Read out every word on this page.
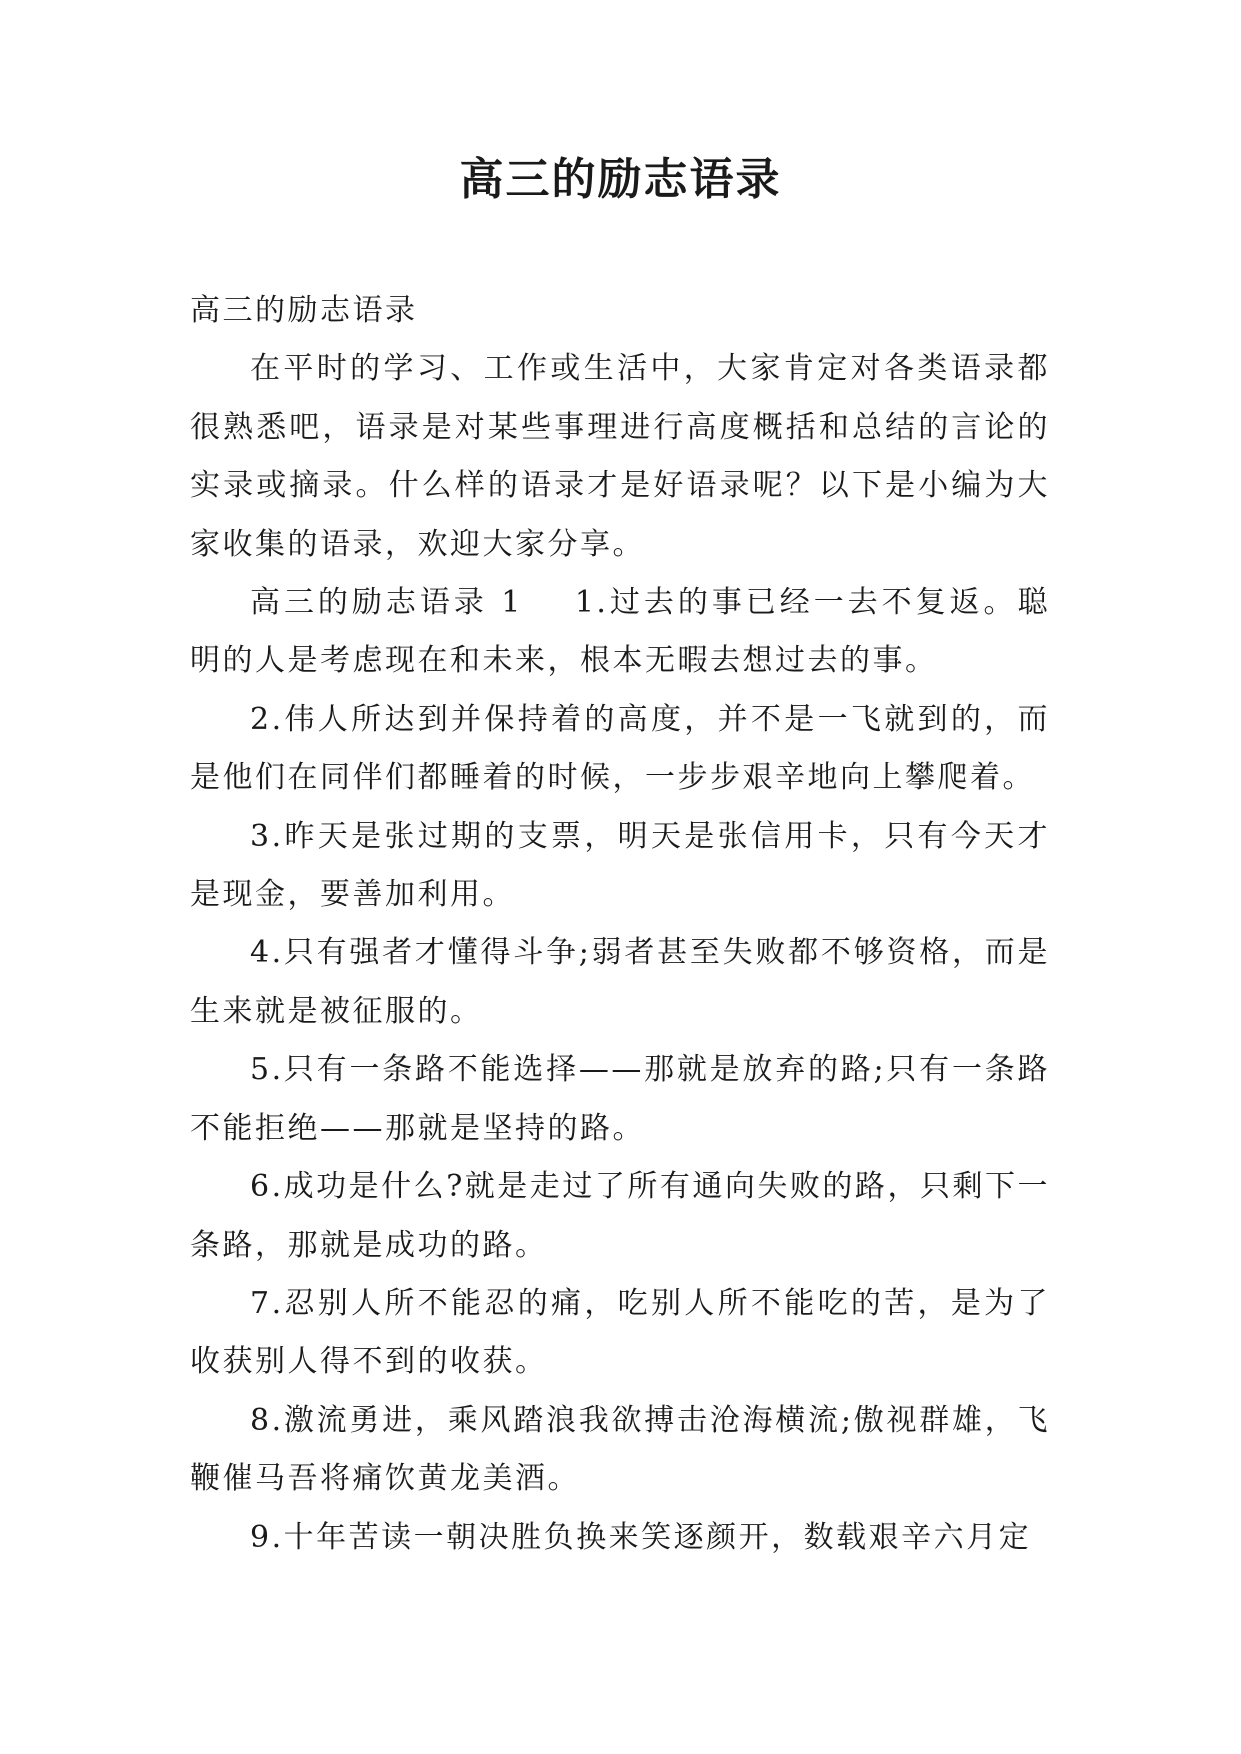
高三的励志语录

高三的励志语录

在平时的学习、工作或生活中，大家肯定对各类语录都很熟悉吧，语录是对某些事理进行高度概括和总结的言论的实录或摘录。什么样的语录才是好语录呢？以下是小编为大家收集的语录，欢迎大家分享。

高三的励志语录 1 1.过去的事已经一去不复返。聪明的人是考虑现在和未来，根本无暇去想过去的事。

2.伟人所达到并保持着的高度，并不是一飞就到的，而是他们在同伴们都睡着的时候，一步步艰辛地向上攀爬着。

3.昨天是张过期的支票，明天是张信用卡，只有今天才是现金，要善加利用。

4.只有强者才懂得斗争;弱者甚至失败都不够资格，而是生来就是被征服的。

5.只有一条路不能选择——那就是放弃的路;只有一条路不能拒绝——那就是坚持的路。

6.成功是什么?就是走过了所有通向失败的路，只剩下一条路，那就是成功的路。

7.忍别人所不能忍的痛，吃别人所不能吃的苦，是为了收获别人得不到的收获。

8.激流勇进，乘风踏浪我欲搏击沧海横流;傲视群雄，飞鞭催马吾将痛饮黄龙美酒。

9.十年苦读一朝决胜负换来笑逐颜开，数载艰辛六月定
